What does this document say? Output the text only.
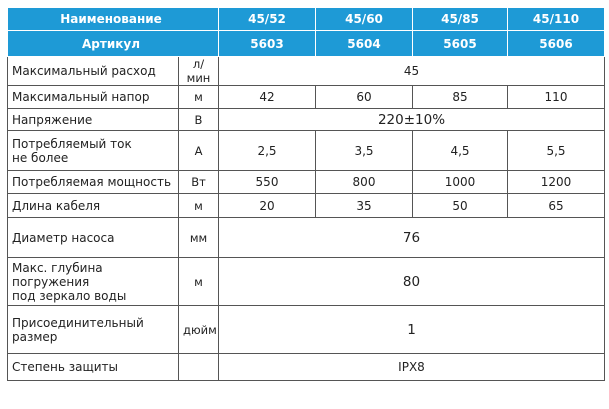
Наименование		45/52	45/60	45/85	45/110
Артикул		5603	5604	5605	5606
Максимальный расход	л/мин	45			
Максимальный напор	м	42	60	85	110
Напряжение	В	220±10%			
Потребляемый ток
не более	А	2,5	3,5	4,5	5,5
Потребляемая мощность	Вт	550	800	1000	1200
Длина кабеля	м	20	35	50	65
Диаметр насоса	мм	76			
Макс. глубина погружения
под зеркало воды	м	80			
Присоединительный размер	дюйм	1			
Степень защиты		IPX8			
